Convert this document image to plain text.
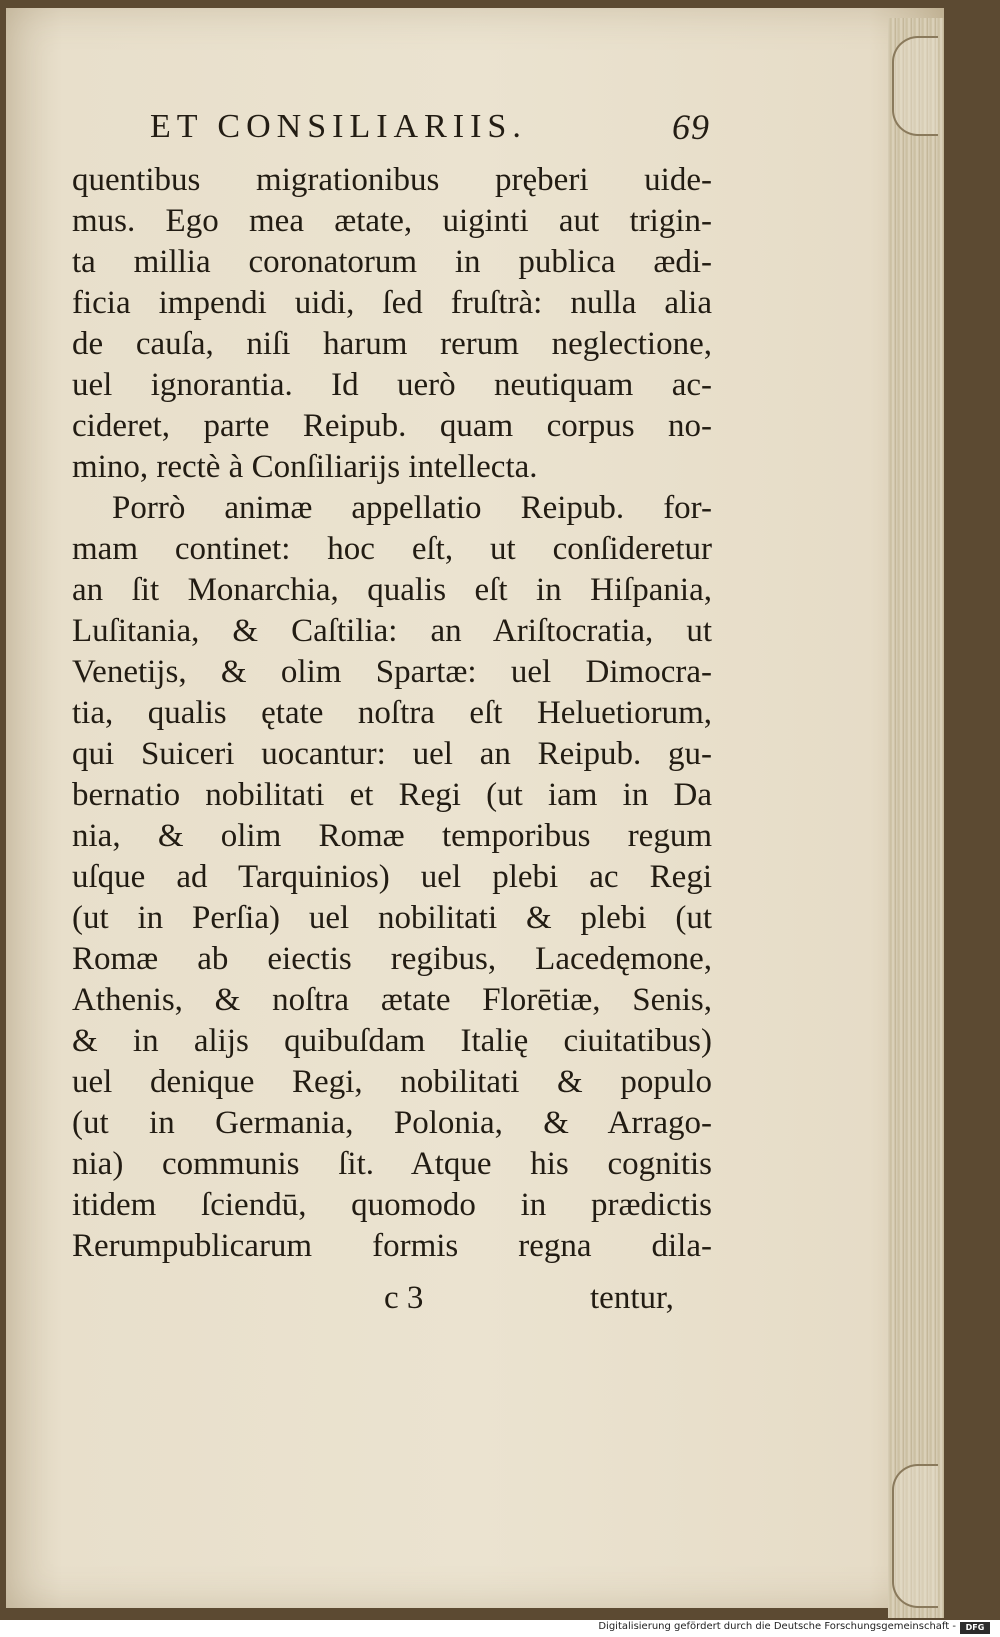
ET CONSILIARIIS.	69
quentibus migrationibus pręberi uide-
mus. Ego mea ætate, uiginti aut trigin-
ta millia coronatorum in publica ædi-
ficia impendi uidi, ſed fruſtrà: nulla alia
de cauſa, niſi harum rerum neglectione,
uel ignorantia. Id uerò neutiquam ac-
cideret, parte Reipub. quam corpus no-
mino, rectè à Conſiliarijs intellecta.
Porrò animæ appellatio Reipub. for-
mam continet: hoc eſt, ut conſideretur
an ſit Monarchia, qualis eſt in Hiſpania,
Luſitania, & Caſtilia: an Ariſtocratia, ut
Venetijs, & olim Spartæ: uel Dimocra-
tia, qualis ętate noſtra eſt Heluetiorum,
qui Suiceri uocantur: uel an Reipub. gu-
bernatio nobilitati et Regi (ut iam in Da
nia, & olim Romæ temporibus regum
uſque ad Tarquinios) uel plebi ac Regi
(ut in Perſia) uel nobilitati & plebi (ut
Romæ ab eiectis regibus, Lacedęmone,
Athenis, & noſtra ætate Florētiæ, Senis,
& in alijs quibuſdam Italię ciuitatibus)
uel denique Regi, nobilitati & populo
(ut in Germania, Polonia, & Arrago-
nia) communis ſit. Atque his cognitis
itidem ſciendū, quomodo in prædictis
Rerumpublicarum formis regna dila-
c 3	tentur,
Digitalisierung gefördert durch die Deutsche Forschungsgemeinschaft -	DFG
